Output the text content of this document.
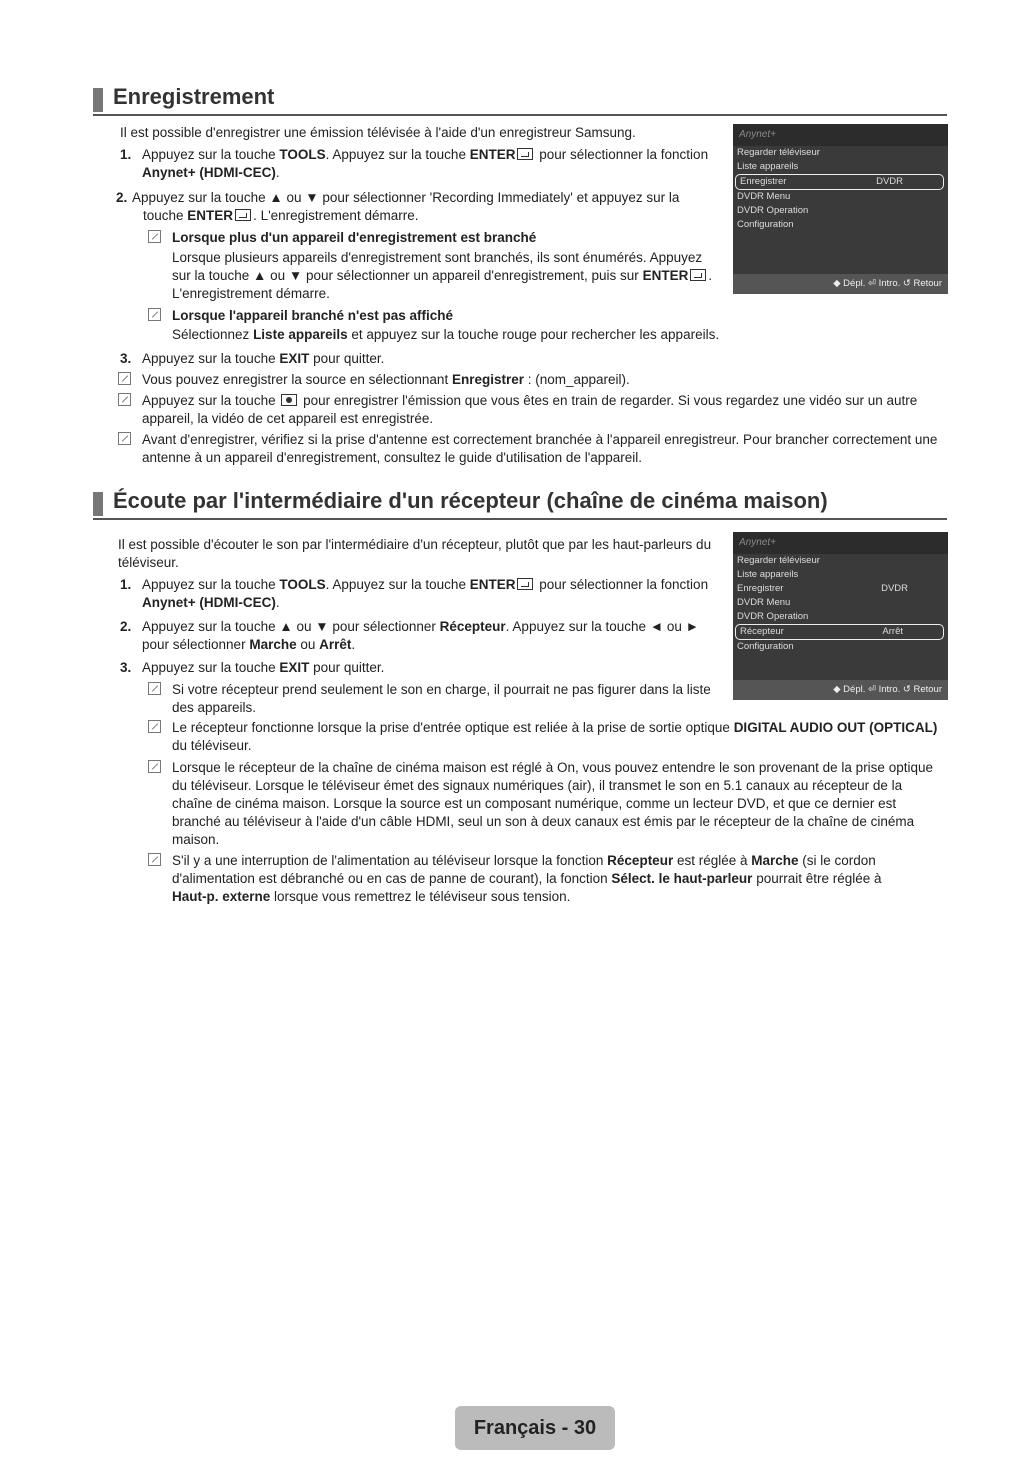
Enregistrement
Il est possible d'enregistrer une émission télévisée à l'aide d'un enregistreur Samsung.
1. Appuyez sur la touche TOOLS. Appuyez sur la touche ENTER pour sélectionner la fonction
Anynet+ (HDMI-CEC).
2. Appuyez sur la touche ▲ ou ▼ pour sélectionner 'Recording Immediately' et appuyez sur la
touche ENTER . L'enregistrement démarre.
Lorsque plus d'un appareil d'enregistrement est branché
Lorsque plusieurs appareils d'enregistrement sont branchés, ils sont énumérés. Appuyez
sur la touche ▲ ou ▼ pour sélectionner un appareil d'enregistrement, puis sur ENTER .
L'enregistrement démarre.
Lorsque l'appareil branché n'est pas affiché
Sélectionnez Liste appareils et appuyez sur la touche rouge pour rechercher les appareils.
3. Appuyez sur la touche EXIT pour quitter.
Vous pouvez enregistrer la source en sélectionnant Enregistrer : (nom_appareil).
Appuyez sur la touche  pour enregistrer l'émission que vous êtes en train de regarder. Si vous regardez une vidéo sur un autre
appareil, la vidéo de cet appareil est enregistrée.
Avant d'enregistrer, vérifiez si la prise d'antenne est correctement branchée à l'appareil enregistreur. Pour brancher correctement une
antenne à un appareil d'enregistrement, consultez le guide d'utilisation de l'appareil.
Anynet+
Regarder téléviseur
Liste appareils
Enregistrer	DVDR
DVDR Menu
DVDR Operation
Configuration
◆ Dépl. ⏎ Intro. ↺ Retour
Écoute par l'intermédiaire d'un récepteur (chaîne de cinéma maison)
Il est possible d'écouter le son par l'intermédiaire d'un récepteur, plutôt que par les haut-parleurs du
téléviseur.
1. Appuyez sur la touche TOOLS. Appuyez sur la touche ENTER pour sélectionner la fonction
Anynet+ (HDMI-CEC).
2. Appuyez sur la touche ▲ ou ▼ pour sélectionner Récepteur. Appuyez sur la touche ◄ ou ►
pour sélectionner Marche ou Arrêt.
3. Appuyez sur la touche EXIT pour quitter.
Si votre récepteur prend seulement le son en charge, il pourrait ne pas figurer dans la liste
des appareils.
Le récepteur fonctionne lorsque la prise d'entrée optique est reliée à la prise de sortie optique DIGITAL AUDIO OUT (OPTICAL)
du téléviseur.
Lorsque le récepteur de la chaîne de cinéma maison est réglé à On, vous pouvez entendre le son provenant de la prise optique
du téléviseur. Lorsque le téléviseur émet des signaux numériques (air), il transmet le son en 5.1 canaux au récepteur de la
chaîne de cinéma maison. Lorsque la source est un composant numérique, comme un lecteur DVD, et que ce dernier est
branché au téléviseur à l'aide d'un câble HDMI, seul un son à deux canaux est émis par le récepteur de la chaîne de cinéma
maison.
S'il y a une interruption de l'alimentation au téléviseur lorsque la fonction Récepteur est réglée à Marche (si le cordon
d'alimentation est débranché ou en cas de panne de courant), la fonction Sélect. le haut-parleur pourrait être réglée à
Haut-p. externe lorsque vous remettrez le téléviseur sous tension.
Anynet+
Regarder téléviseur
Liste appareils
Enregistrer	DVDR
DVDR Menu
DVDR Operation
Récepteur	Arrêt
Configuration
◆ Dépl. ⏎ Intro. ↺ Retour
Français - 30
